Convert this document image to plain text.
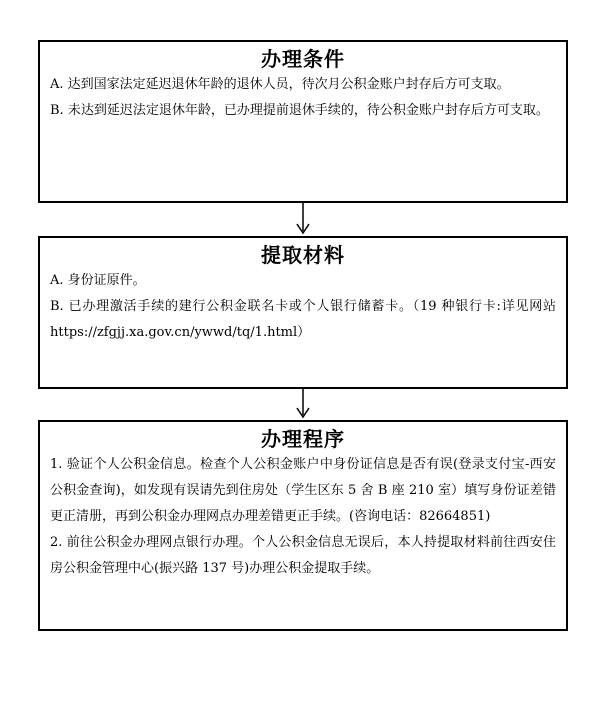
办理条件

A. 达到国家法定延迟退休年龄的退休人员，待次月公积金账户封存后方可支取。

B. 未达到延迟法定退休年龄，已办理提前退休手续的，待公积金账户封存后方可支取。

提取材料

A. 身份证原件。

B. 已办理激活手续的建行公积金联名卡或个人银行储蓄卡。（19 种银行卡:详见网站 https://zfgjj.xa.gov.cn/ywwd/tq/1.html）

办理程序

1. 验证个人公积金信息。检查个人公积金账户中身份证信息是否有误(登录支付宝-西安公积金查询)，如发现有误请先到住房处（学生区东 5 舍 B 座 210 室）填写身份证差错更正清册，再到公积金办理网点办理差错更正手续。(咨询电话：82664851)

2. 前往公积金办理网点银行办理。个人公积金信息无误后，本人持提取材料前往西安住房公积金管理中心(振兴路 137 号)办理公积金提取手续。
